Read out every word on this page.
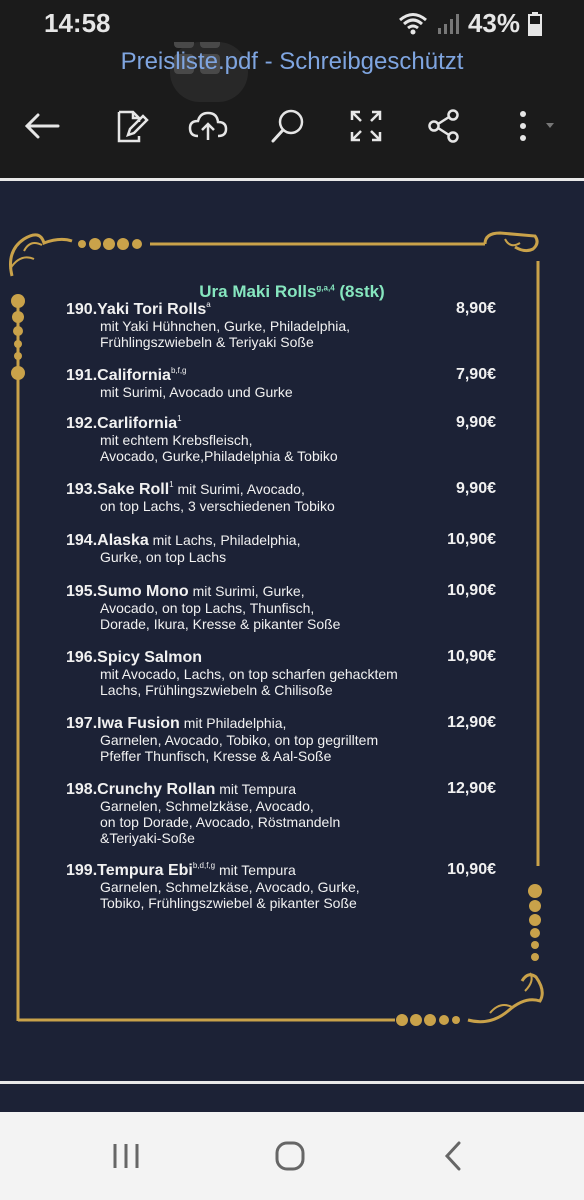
14:58	43%
Preisliste.pdf - Schreibgeschützt
Ura Maki Rolls$^{g,a,4}$ (8stk)
190.Yaki Tori Rolls$^a$
mit Yaki Hühnchen, Gurke, Philadelphia,
Frühlingszwiebeln & Teriyaki Soße
8,90€
191.California$^{b,f,g}$
mit Surimi, Avocado und Gurke
7,90€
192.Carlifornia$^1$
mit echtem Krebsfleisch,
Avocado, Gurke,Philadelphia & Tobiko
9,90€
193.Sake Roll$^1$ mit Surimi, Avocado,
on top Lachs, 3 verschiedenen Tobiko
9,90€
194.Alaska mit Lachs, Philadelphia,
Gurke, on top Lachs
10,90€
195.Sumo Mono mit Surimi, Gurke,
Avocado, on top Lachs, Thunfisch,
Dorade, Ikura, Kresse & pikanter Soße
10,90€
196.Spicy Salmon
mit Avocado, Lachs, on top scharfen gehacktem
Lachs, Frühlingszwiebeln & Chilisoße
10,90€
197.Iwa Fusion mit Philadelphia,
Garnelen, Avocado, Tobiko, on top gegrilltem
Pfeffer Thunfisch, Kresse & Aal-Soße
12,90€
198.Crunchy Rollan mit Tempura
Garnelen, Schmelzkäse, Avocado,
on top Dorade, Avocado, Röstmandeln
&Teriyaki-Soße
12,90€
199.Tempura Ebi$^{b,d,f,g}$ mit Tempura
Garnelen, Schmelzkäse, Avocado, Gurke,
Tobiko, Frühlingszwiebel & pikanter Soße
10,90€
